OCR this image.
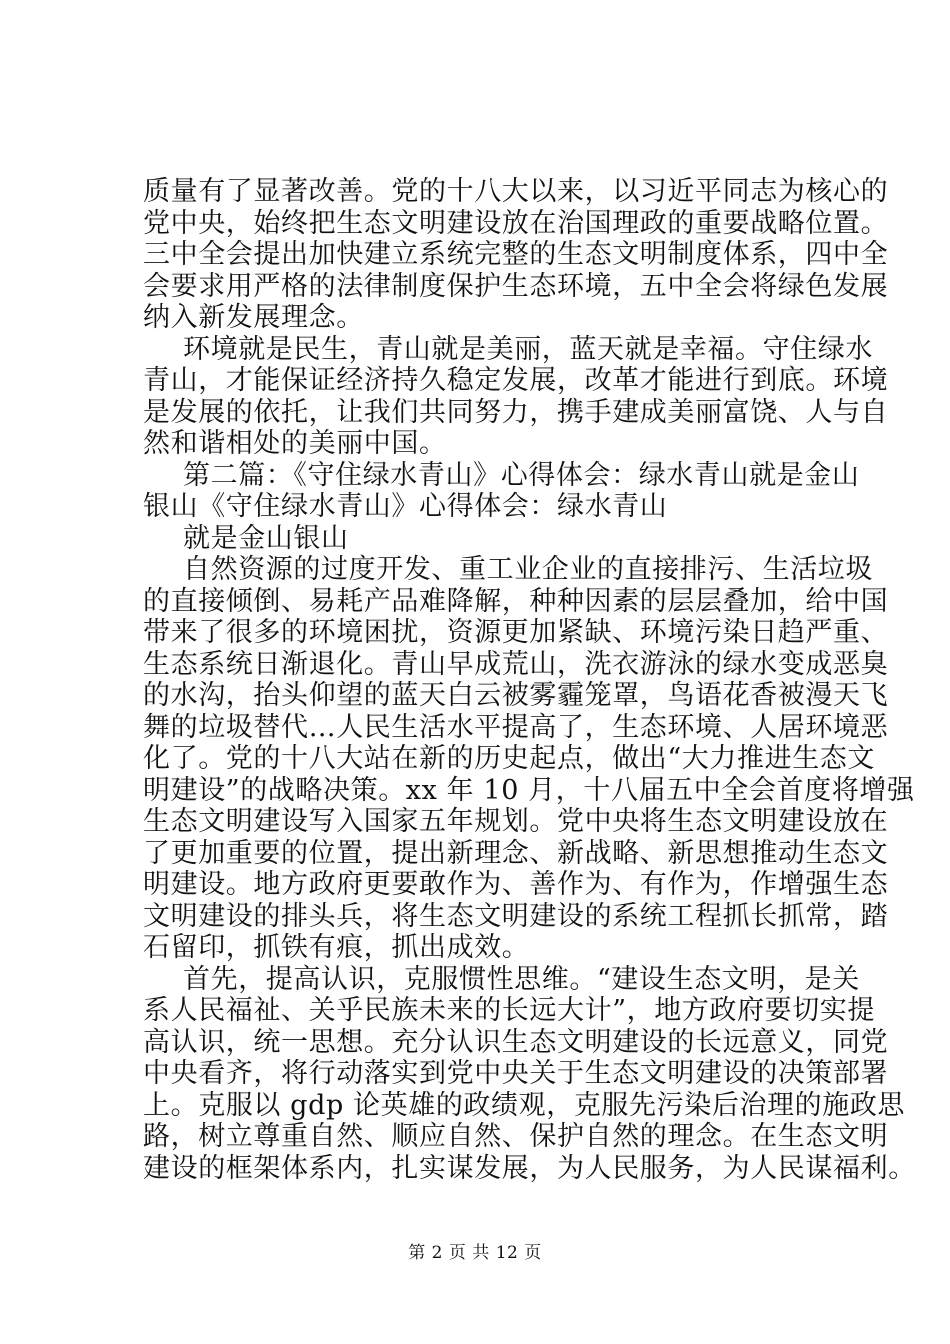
质量有了显著改善。党的十八大以来，以习近平同志为核心的
党中央，始终把生态文明建设放在治国理政的重要战略位置。
三中全会提出加快建立系统完整的生态文明制度体系，四中全
会要求用严格的法律制度保护生态环境，五中全会将绿色发展
纳入新发展理念。
环境就是民生，青山就是美丽，蓝天就是幸福。守住绿水
青山，才能保证经济持久稳定发展，改革才能进行到底。环境
是发展的依托，让我们共同努力，携手建成美丽富饶、人与自
然和谐相处的美丽中国。
第二篇：《守住绿水青山》心得体会：绿水青山就是金山
银山《守住绿水青山》心得体会：绿水青山
就是金山银山
自然资源的过度开发、重工业企业的直接排污、生活垃圾
的直接倾倒、易耗产品难降解，种种因素的层层叠加，给中国
带来了很多的环境困扰，资源更加紧缺、环境污染日趋严重、
生态系统日渐退化。青山早成荒山，洗衣游泳的绿水变成恶臭
的水沟，抬头仰望的蓝天白云被雾霾笼罩，鸟语花香被漫天飞
舞的垃圾替代…人民生活水平提高了，生态环境、人居环境恶
化了。党的十八大站在新的历史起点，做出“大力推进生态文
明建设”的战略决策。xx 年 10 月，十八届五中全会首度将增强
生态文明建设写入国家五年规划。党中央将生态文明建设放在
了更加重要的位置，提出新理念、新战略、新思想推动生态文
明建设。地方政府更要敢作为、善作为、有作为，作增强生态
文明建设的排头兵，将生态文明建设的系统工程抓长抓常，踏
石留印，抓铁有痕，抓出成效。
首先，提高认识，克服惯性思维。“建设生态文明，是关
系人民福祉、关乎民族未来的长远大计”，地方政府要切实提
高认识，统一思想。充分认识生态文明建设的长远意义，同党
中央看齐，将行动落实到党中央关于生态文明建设的决策部署
上。克服以 gdp 论英雄的政绩观，克服先污染后治理的施政思
路，树立尊重自然、顺应自然、保护自然的理念。在生态文明
建设的框架体系内，扎实谋发展，为人民服务，为人民谋福利。
第 2 页 共 12 页
